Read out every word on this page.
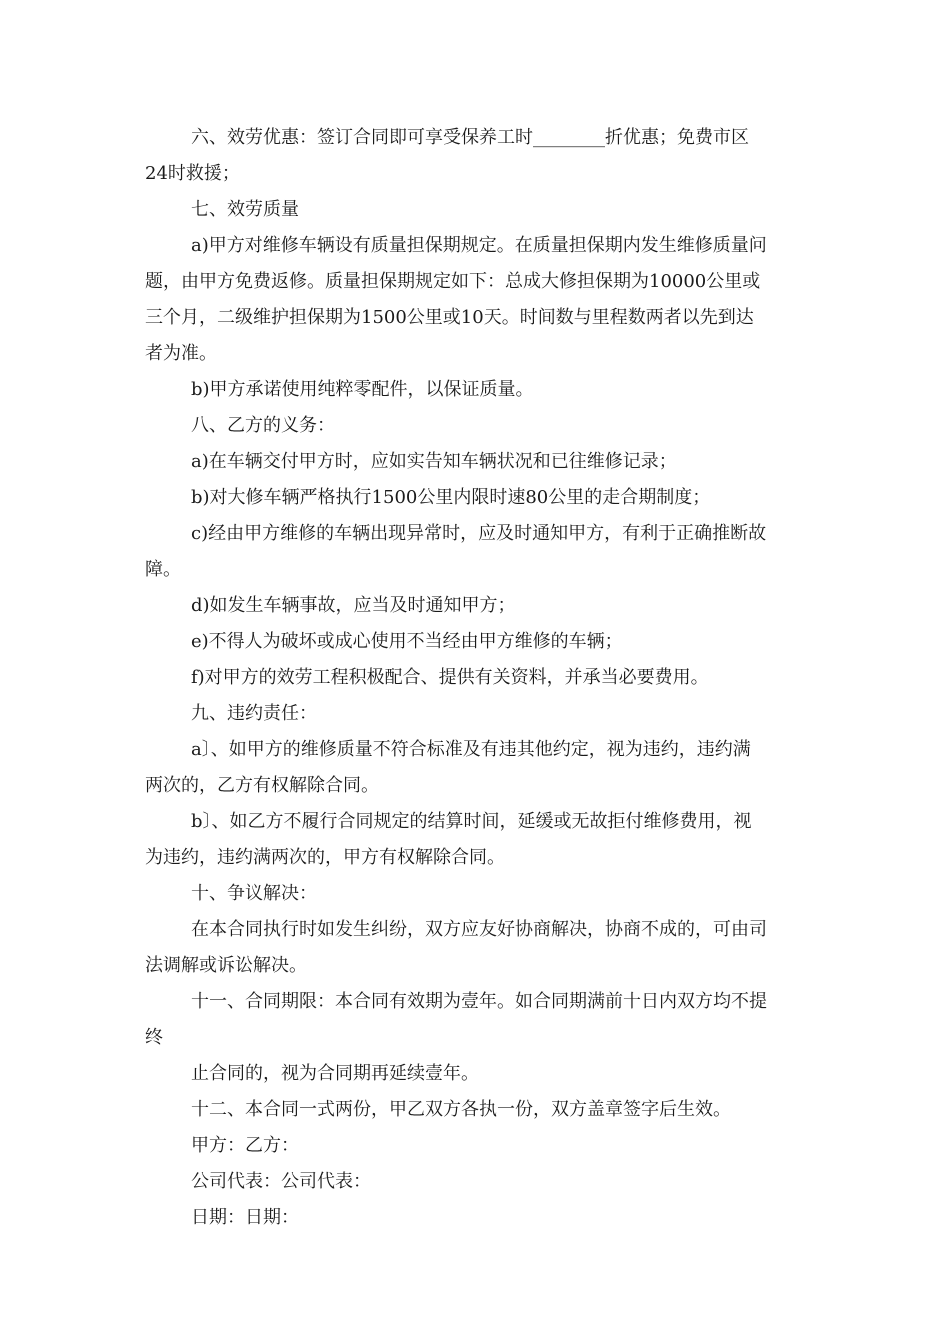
六、效劳优惠：签订合同即可享受保养工时________折优惠；免费市区
24时救援；
七、效劳质量
a)甲方对维修车辆设有质量担保期规定。在质量担保期内发生维修质量问
题，由甲方免费返修。质量担保期规定如下：总成大修担保期为10000公里或
三个月，二级维护担保期为1500公里或10天。时间数与里程数两者以先到达
者为准。
b)甲方承诺使用纯粹零配件，以保证质量。
八、乙方的义务：
a)在车辆交付甲方时，应如实告知车辆状况和已往维修记录；
b)对大修车辆严格执行1500公里内限时速80公里的走合期制度；
c)经由甲方维修的车辆出现异常时，应及时通知甲方，有利于正确推断故
障。
d)如发生车辆事故，应当及时通知甲方；
e)不得人为破坏或成心使用不当经由甲方维修的车辆；
f)对甲方的效劳工程积极配合、提供有关资料，并承当必要费用。
九、违约责任：
a〕、如甲方的维修质量不符合标准及有违其他约定，视为违约，违约满
两次的，乙方有权解除合同。
b〕、如乙方不履行合同规定的结算时间，延缓或无故拒付维修费用，视
为违约，违约满两次的，甲方有权解除合同。
十、争议解决：
在本合同执行时如发生纠纷，双方应友好协商解决，协商不成的，可由司
法调解或诉讼解决。
十一、合同期限：本合同有效期为壹年。如合同期满前十日内双方均不提
终
止合同的，视为合同期再延续壹年。
十二、本合同一式两份，甲乙双方各执一份，双方盖章签字后生效。
甲方：乙方：
公司代表：公司代表：
日期：日期：
